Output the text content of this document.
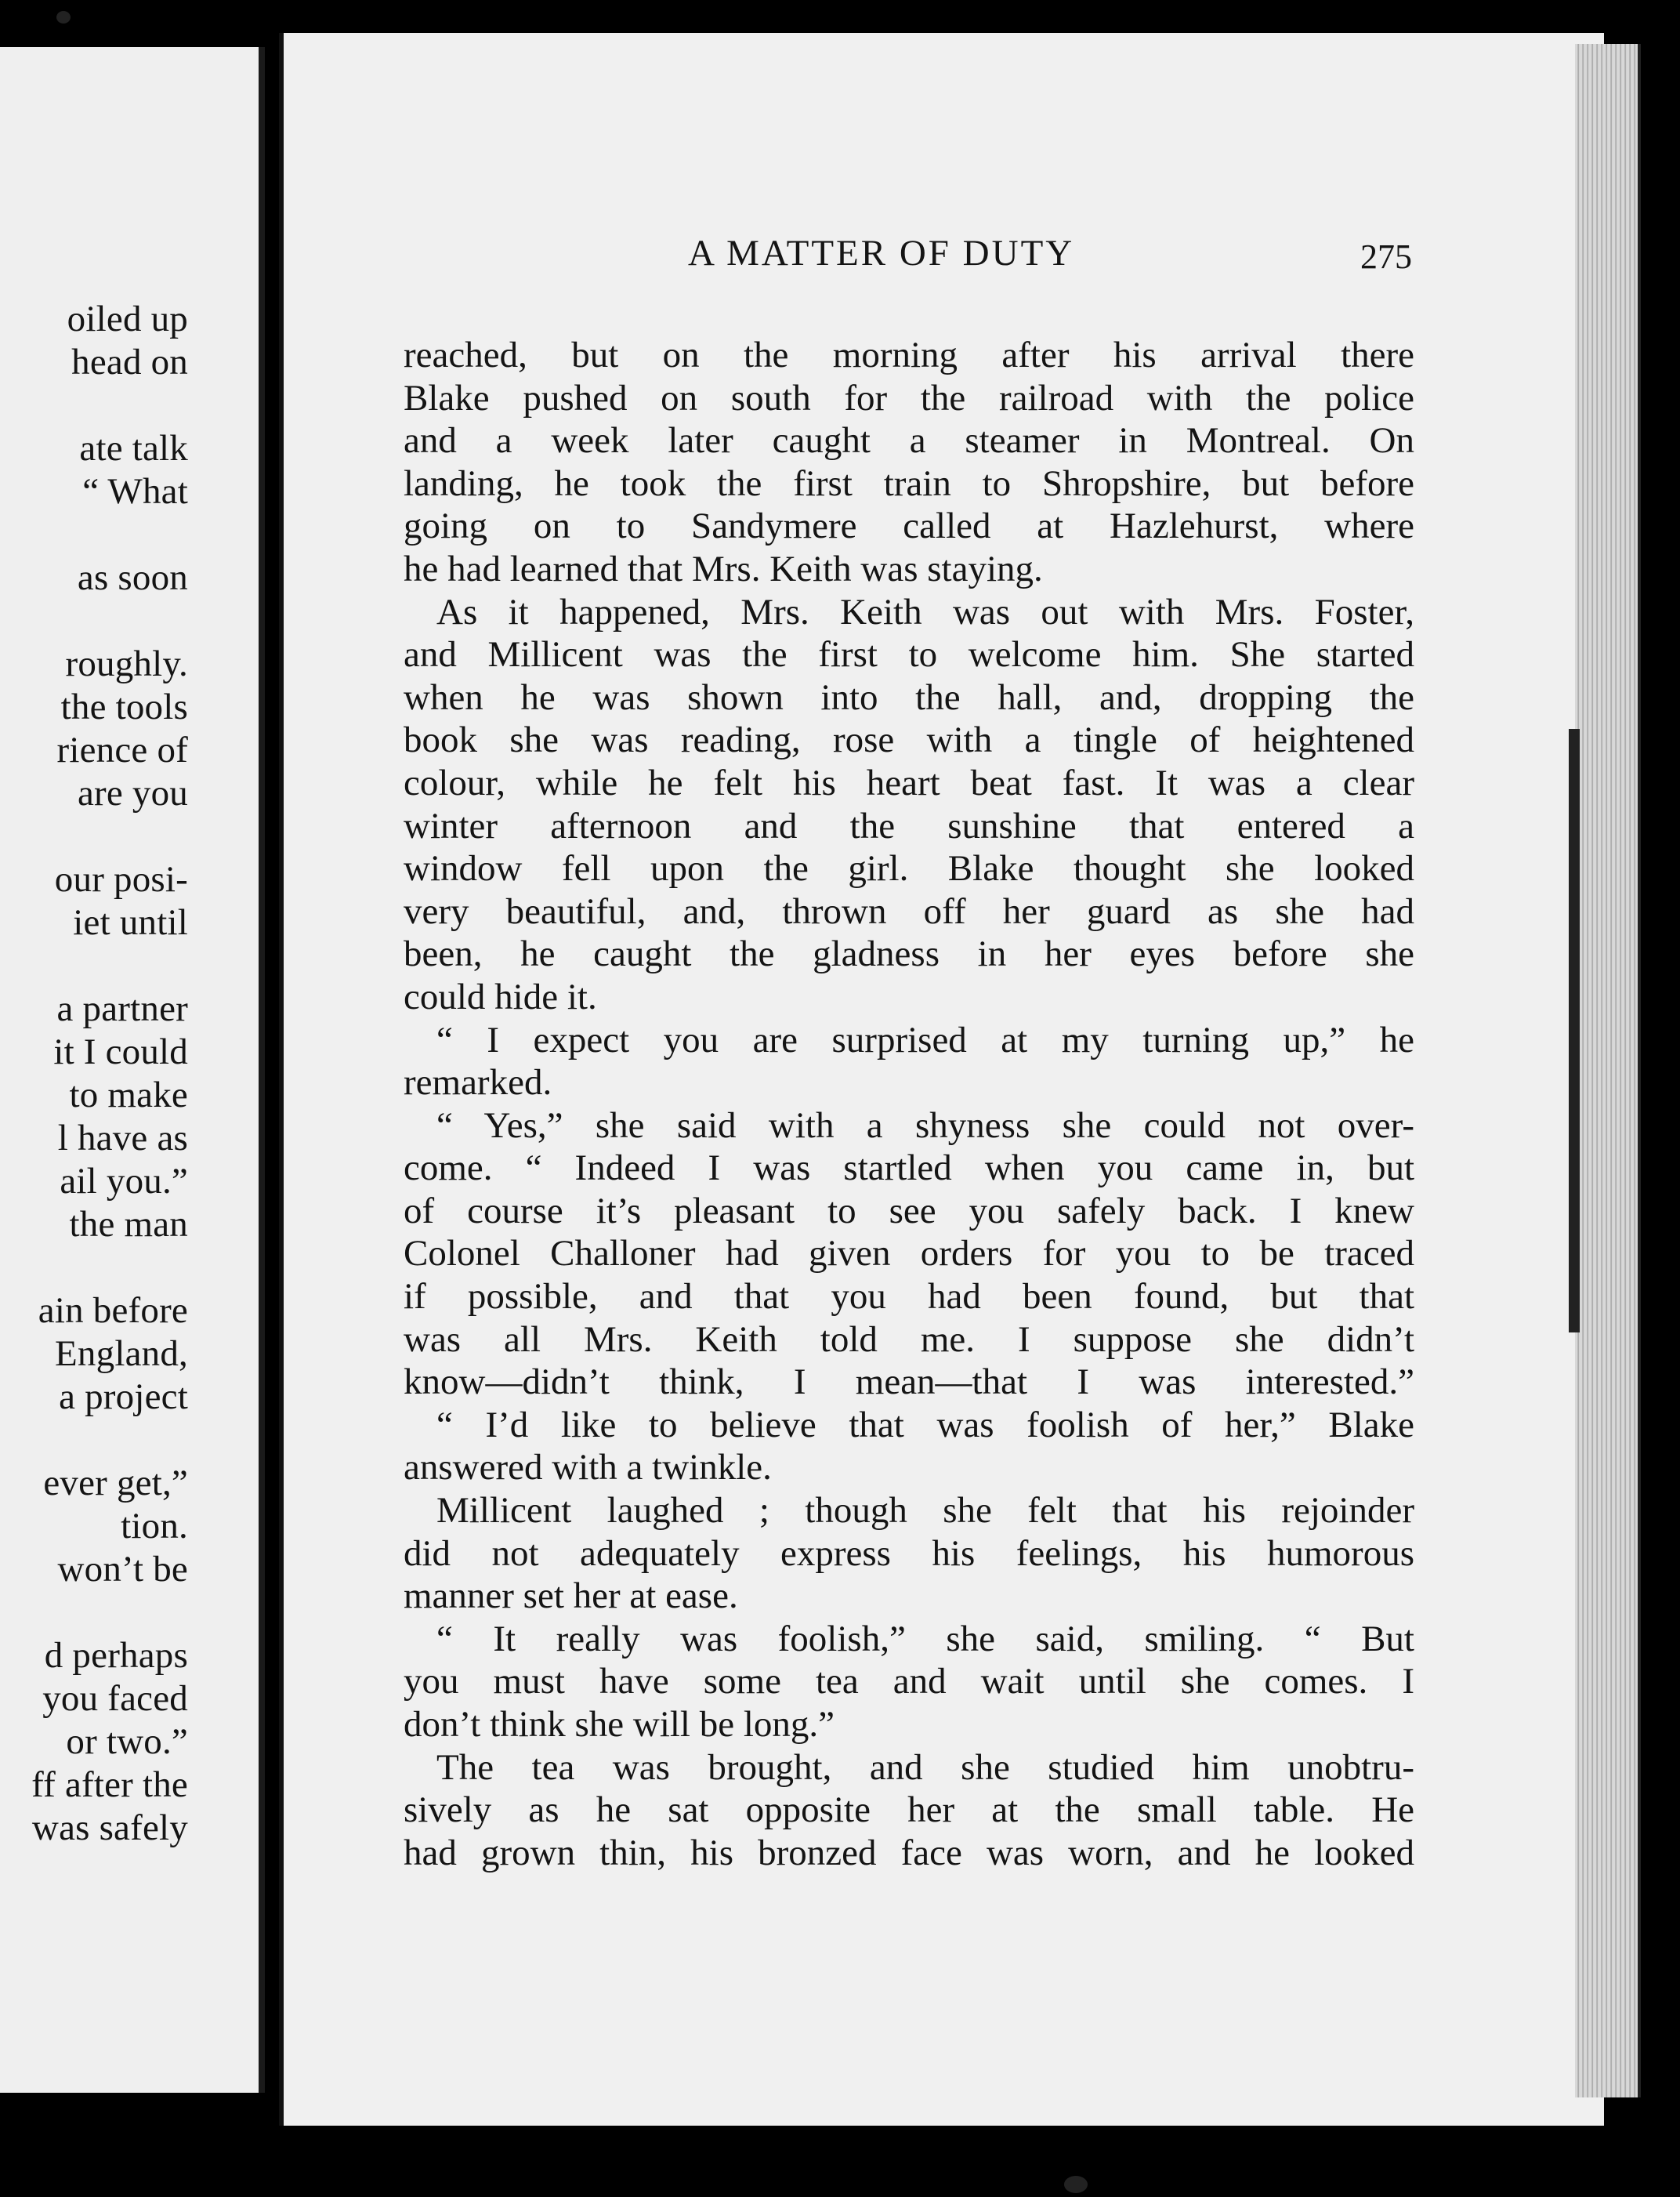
oiled up
head on
ate talk
“ What
as soon
roughly.
the tools
rience of
are you
our posi-
iet until
a partner
it I could
to make
l have as
ail you.”
the man
ain before
England,
a project
ever get,”
tion.
won’t be
d perhaps
you faced
or two.”
ff after the
was safely
A MATTER OF DUTY	275
reached, but on the morning after his arrival there
Blake pushed on south for the railroad with the police
and a week later caught a steamer in Montreal. On
landing, he took the first train to Shropshire, but before
going on to Sandymere called at Hazlehurst, where
he had learned that Mrs. Keith was staying.
As it happened, Mrs. Keith was out with Mrs. Foster,
and Millicent was the first to welcome him. She started
when he was shown into the hall, and, dropping the
book she was reading, rose with a tingle of heightened
colour, while he felt his heart beat fast. It was a clear
winter afternoon and the sunshine that entered a
window fell upon the girl. Blake thought she looked
very beautiful, and, thrown off her guard as she had
been, he caught the gladness in her eyes before she
could hide it.
“ I expect you are surprised at my turning up,” he
remarked.
“ Yes,” she said with a shyness she could not over-
come. “ Indeed I was startled when you came in, but
of course it’s pleasant to see you safely back. I knew
Colonel Challoner had given orders for you to be traced
if possible, and that you had been found, but that
was all Mrs. Keith told me. I suppose she didn’t
know—didn’t think, I mean—that I was interested.”
“ I’d like to believe that was foolish of her,” Blake
answered with a twinkle.
Millicent laughed ; though she felt that his rejoinder
did not adequately express his feelings, his humorous
manner set her at ease.
“ It really was foolish,” she said, smiling. “ But
you must have some tea and wait until she comes. I
don’t think she will be long.”
The tea was brought, and she studied him unobtru-
sively as he sat opposite her at the small table. He
had grown thin, his bronzed face was worn, and he looked
